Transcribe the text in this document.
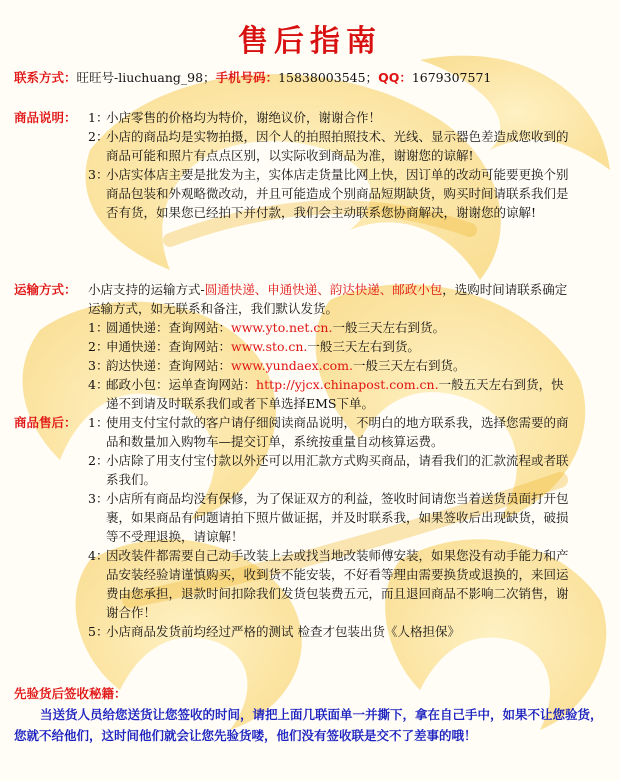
售后指南
联系方式：旺旺号-liuchuang_98；手机号码：15838003545；QQ：1679307571
商品说明： 1：小店零售的价格均为特价，谢绝议价，谢谢合作！

2：小店的商品均是实物拍摄，因个人的拍照拍照技术、光线、显示器色差造成您收到的商品可能和照片有点点区别，以实际收到商品为准，谢谢您的谅解!

3：小店实体店主要是批发为主，实体店走货量比网上快，因订单的改动可能要更换个别商品包装和外观略微改动，并且可能造成个别商品短期缺货，购买时间请联系我们是否有货，如果您已经拍下并付款，我们会主动联系您协商解决，谢谢您的谅解!

运输方式： 小店支持的运输方式-圆通快递、申通快递、韵达快递、邮政小包，选购时间请联系确定运输方式，如无联系和备注，我们默认发货。

1：圆通快递：查询网站：www.yto.net.cn.一般三天左右到货。

2：申通快递：查询网站：www.sto.cn.一般三天左右到货。

3：韵达快递：查询网站：www.yundaex.com.一般三天左右到货。

4：邮政小包：运单查询网站：http://yjcx.chinapost.com.cn.一般五天左右到货，快递不到请及时联系我们或者下单选择EMS下单。

商品售后： 1：使用支付宝付款的客户请仔细阅读商品说明，不明白的地方联系我，选择您需要的商品和数量加入购物车—提交订单，系统按重量自动核算运费。

2：小店除了用支付宝付款以外还可以用汇款方式购买商品，请看我们的汇款流程或者联系我们。

3：小店所有商品均没有保修，为了保证双方的利益，签收时间请您当着送货员面打开包裹，如果商品有问题请拍下照片做证据，并及时联系我，如果签收后出现缺货，破损等不受理退换，请谅解！

4：因改装件都需要自己动手改装上去或找当地改装师傅安装，如果您没有动手能力和产品安装经验请谨慎购买，收到货不能安装，不好看等理由需要换货或退换的，来回运费由您承担，退款时间扣除我们发货包装费五元，而且退回商品不影响二次销售，谢谢合作！

5：小店商品发货前均经过严格的测试 检查才包装出货《人格担保》

先验货后签收秘籍：
当送货人员给您送货让您签收的时间，请把上面几联面单一并撕下，拿在自己手中，如果不让您验货，您就不给他们，这时间他们就会让您先验货喽，他们没有签收联是交不了差事的哦！
